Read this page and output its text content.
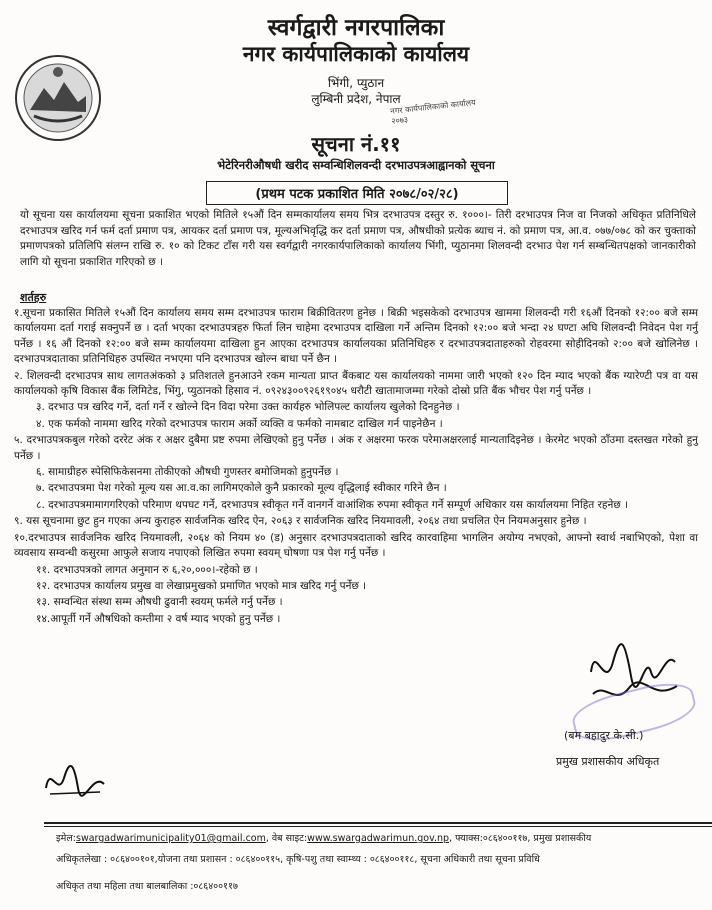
स्वर्गद्वारी नगरपालिका
नगर कार्यपालिकाको कार्यालय
भिंगी, प्युठान
लुम्बिनी प्रदेश, नेपाल
नगर कार्यपालिकाको कार्यालय २०७३
सूचना नं.११
भेटेरिनरीऔषधी खरीद सम्वन्धिशिलवन्दी दरभाउपत्रआह्वानको सूचना
(प्रथम पटक प्रकाशित मिति २०७८/०२/२८)
यो सूचना यस कार्यालयमा सूचना प्रकाशित भएको मितिले १५औं दिन सम्मकार्यालय समय भित्र दरभाउपत्र दस्तुर रु. १०००।- तिरी दरभाउपत्र निज वा निजको अधिकृत प्रतिनिधिले दरभाउपत्र खरिद गर्न फर्म दर्ता प्रमाण पत्र, आयकर दर्ता प्रमाण पत्र, मूल्यअभिवृद्धि कर दर्ता प्रमाण पत्र, औषधीको प्रत्येक ब्याच नं. को प्रमाण पत्र, आ.व. ०७७/०७८ को कर चुक्ताको प्रमाणपत्रको प्रतिलिपि संलग्न राखि रु. १० को टिकट टाँस गरी यस स्वर्गद्वारी नगरकार्यपालिकाको कार्यालय भिंगी, प्युठानमा शिलवन्दी दरभाउ पेश गर्न सम्बन्धितपक्षको जानकारीको लागि यो सूचना प्रकाशित गरिएको छ ।
शर्तहरु
१.सूचना प्रकासित मितिले १५औं दिन कार्यालय समय सम्म दरभाउपत्र फाराम बिक्रीवितरण हुनेछ । बिक्री भइसकेको दरभाउपत्र खाममा शिलवन्दी गरी १६औं दिनको १२:०० बजे सम्म कार्यालयमा दर्ता गराई सक्नुपर्ने छ । दर्ता भएका दरभाउपत्रहरु फिर्ता लिन चाहेमा दरभाउपत्र दाखिला गर्ने अन्तिम दिनको १२:०० बजे भन्दा २४ घण्टा अघि शिलवन्दी निवेदन पेश गर्नु पर्नेछ । १६ औं दिनको १२:०० बजे सम्म कार्यालयमा दाखिला हुन आएका दरभाउपत्र कार्यालयका प्रतिनिधिहरु र दरभाउपत्रदाताहरुको रोहवरमा सोहीदिनको २:०० बजे खोलिनेछ । दरभाउपत्रदाताका प्रतिनिधिहरु उपस्थित नभएमा पनि दरभाउपत्र खोल्न बाधा पर्ने छैन ।
२. शिलवन्दी दरभाउपत्र साथ लागतअंकको ३ प्रतिशतले हुनआउने रकम मान्यता प्राप्त बैंकबाट यस कार्यालयको नाममा जारी भएको १२० दिन म्याद भएको बैंक ग्यारेण्टी पत्र वा यस कार्यालयको कृषि विकास बैंक लिमिटेड, भिंगु, प्युठानको हिसाव नं. ०९२४३००९२६१९०४५ धरौटी खातामाजम्मा गरेको दोस्रो प्रति बैंक भौचर पेश गर्नु पर्नेछ ।
३. दरभाउ पत्र खरिद गर्ने, दर्ता गर्ने र खोल्ने दिन विदा परेमा उक्त कार्यहरु भोलिपल्ट कार्यालय खुलेको दिनहुनेछ ।
४. एक फर्मको नाममा खरिद गरेको दरभाउपत्र फाराम अर्को व्यक्ति व फर्मको नामबाट दाखिल गर्न पाइनेछैन ।
५. दरभाउपत्रकबुल गरेको दररेट अंक र अक्षर दुबैमा प्रष्ट रुपमा लेखिएको हुनु पर्नेछ । अंक र अक्षरमा फरक परेमाअक्षरलाई मान्यतादिइनेछ । केरमेट भएको ठाँउमा दस्तखत गरेको हुनु पर्नेछ ।
६. सामाग्रीहरु स्पेसिफिकेसनमा तोकीएको औषधी गुणस्तर बमोजिमको हुनुपर्नेछ ।
७. दरभाउपत्रमा पेश गरेको मूल्य यस आ.व.का लागिमएकोले कुनै प्रकारको मूल्य वृद्धिलाई स्वीकार गरिने छैन ।
८. दरभाउपत्रमामागगरिएको परिमाण थपघट गर्ने, दरभाउपत्र स्वीकृत गर्ने वानगर्ने वाआंशिक रुपमा स्वीकृत गर्ने सम्पूर्ण अधिकार यस कार्यालयमा निहित रहनेछ ।
९. यस सूचनामा छुट हुन गएका अन्य कुराहरु सार्वजनिक खरिद ऐन, २०६३ र सार्वजनिक खरिद नियमावली, २०६४ तथा प्रचलित ऐन नियमअनुसार हुनेछ ।
१०.दरभाउपत्र सार्वजनिक खरिद नियमावली, २०६४ को नियम ४० (ड) अनुसार दरभाउपत्रदाताको खरिद कारवाहिमा भागलिन अयोग्य नभएको, आफ्नो स्वार्थ नबाभिएको, पेशा वा व्यवसाय सम्वन्धी कसुरमा आफुले सजाय नपाएको लिखित रुपमा स्वयम् घोषणा पत्र पेश गर्नु पर्नेछ ।
११. दरभाउपत्रको लागत अनुमान रु ६,२०,०००।-रहेको छ ।
१२. दरभाउपत्र कार्यालय प्रमुख वा लेखाप्रमुखको प्रमाणित भएको मात्र खरिद गर्नु पर्नेछ ।
१३. सम्वन्धित संस्था सम्म औषधी ढुवानी स्वयम् फर्मले गर्नु पर्नेछ ।
१४.आपूर्ती गर्ने औषधिको कम्तीमा २ वर्ष म्याद भएको हुनु पर्नेछ ।
(बम बहादुर के.सी.)
प्रमुख प्रशासकीय अधिकृत
इमेल:swargadwarimunicipality01@gmail.com, वेब साइट:www.swargadwarimun.gov.np, फ्याक्स:०८६४००११७, प्रमुख प्रशासकीय
अधिकृतलेखा : ०८६४००१०१,योजना तथा प्रशासन : ०८६४००११५, कृषि-पशु तथा स्वाम्थ्य : ०८६४००११८, सूचना अधिकारी तथा सूचना प्रविधि
अधिकृत तथा महिला तथा बालबालिका :०८६४००११७
